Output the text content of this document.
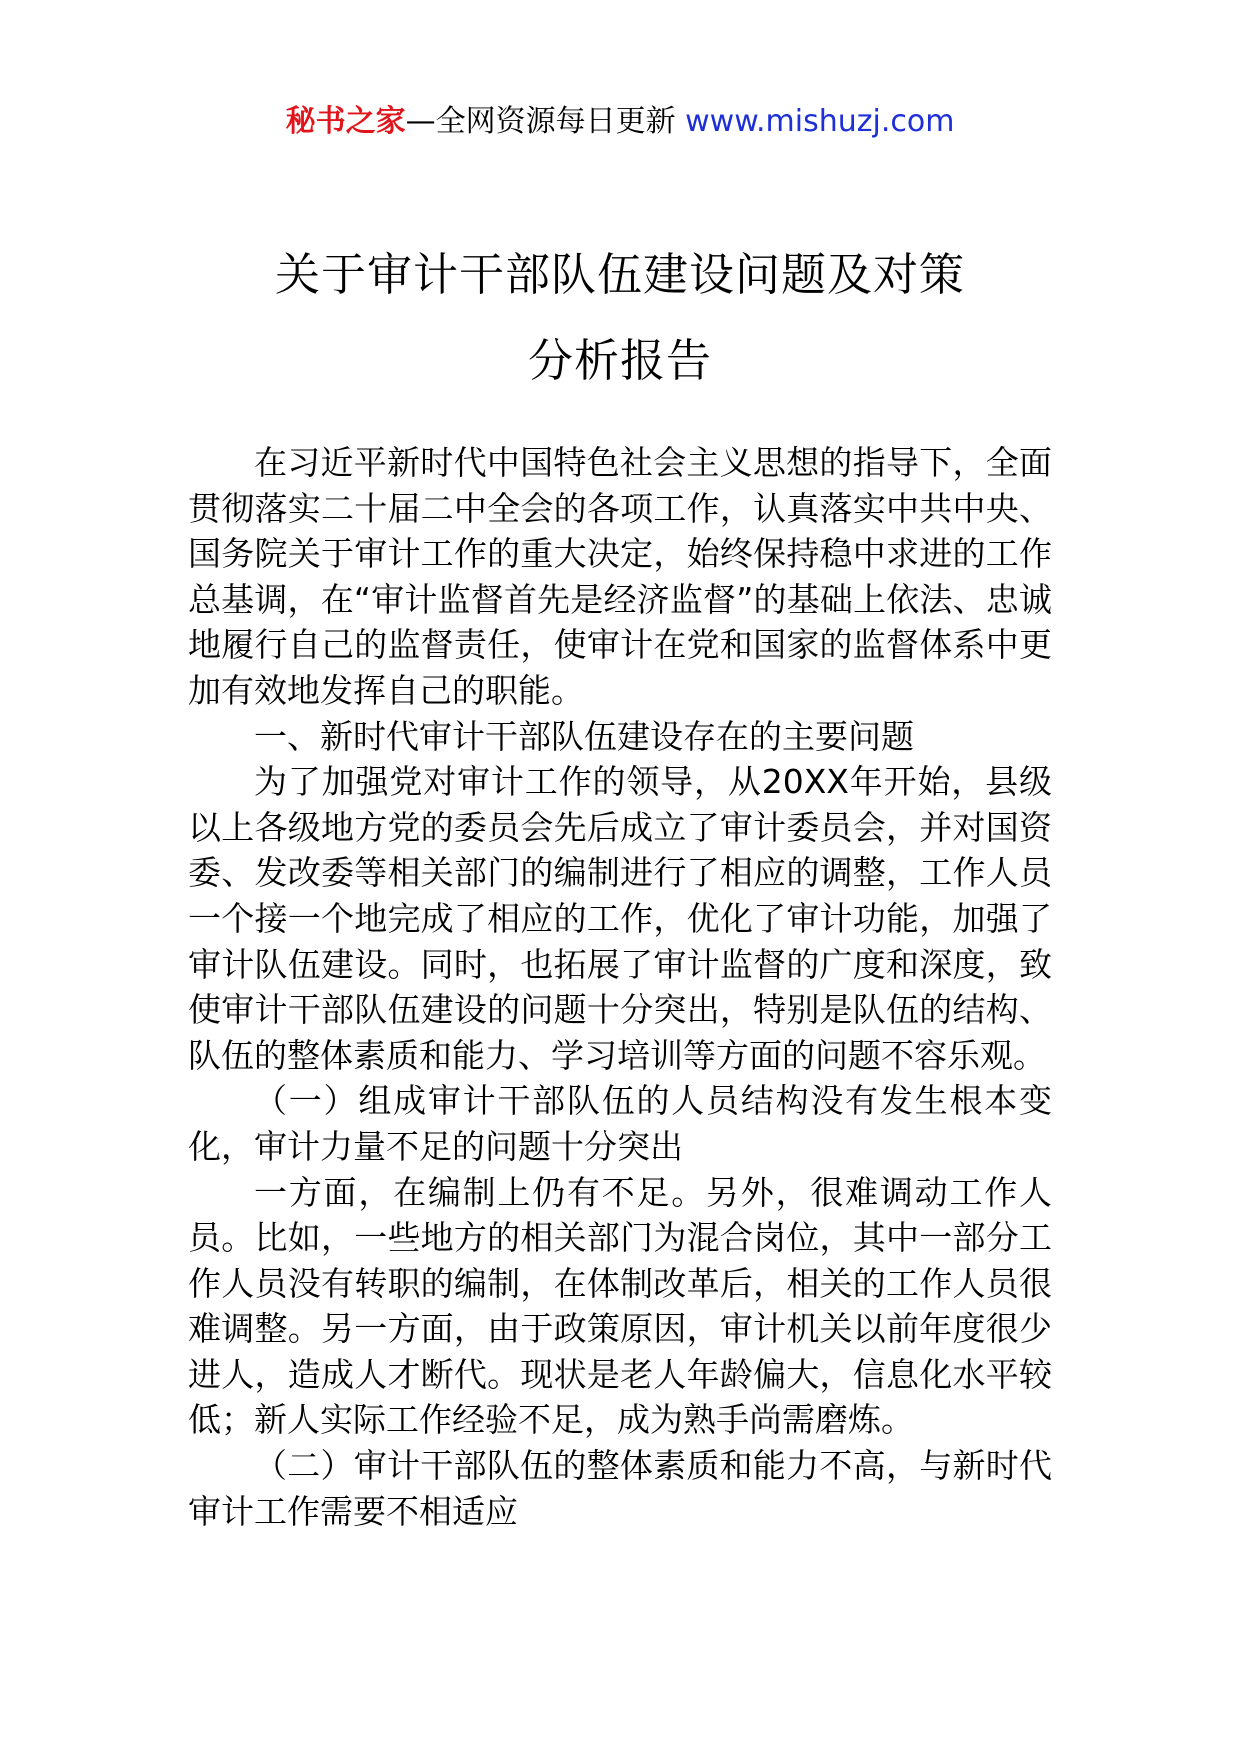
秘书之家—全网资源每日更新 www.mishuzj.com
关于审计干部队伍建设问题及对策
分析报告

在习近平新时代中国特色社会主义思想的指导下，全面贯彻落实二十届二中全会的各项工作，认真落实中共中央、国务院关于审计工作的重大决定，始终保持稳中求进的工作总基调，在“审计监督首先是经济监督”的基础上依法、忠诚地履行自己的监督责任，使审计在党和国家的监督体系中更加有效地发挥自己的职能。

一、新时代审计干部队伍建设存在的主要问题

为了加强党对审计工作的领导，从20XX年开始，县级以上各级地方党的委员会先后成立了审计委员会，并对国资委、发改委等相关部门的编制进行了相应的调整，工作人员一个接一个地完成了相应的工作，优化了审计功能，加强了审计队伍建设。同时，也拓展了审计监督的广度和深度，致使审计干部队伍建设的问题十分突出，特别是队伍的结构、队伍的整体素质和能力、学习培训等方面的问题不容乐观。

（一）组成审计干部队伍的人员结构没有发生根本变化，审计力量不足的问题十分突出

一方面，在编制上仍有不足。另外，很难调动工作人员。比如，一些地方的相关部门为混合岗位，其中一部分工作人员没有转职的编制，在体制改革后，相关的工作人员很难调整。另一方面，由于政策原因，审计机关以前年度很少进人，造成人才断代。现状是老人年龄偏大，信息化水平较低；新人实际工作经验不足，成为熟手尚需磨炼。

（二）审计干部队伍的整体素质和能力不高，与新时代审计工作需要不相适应
